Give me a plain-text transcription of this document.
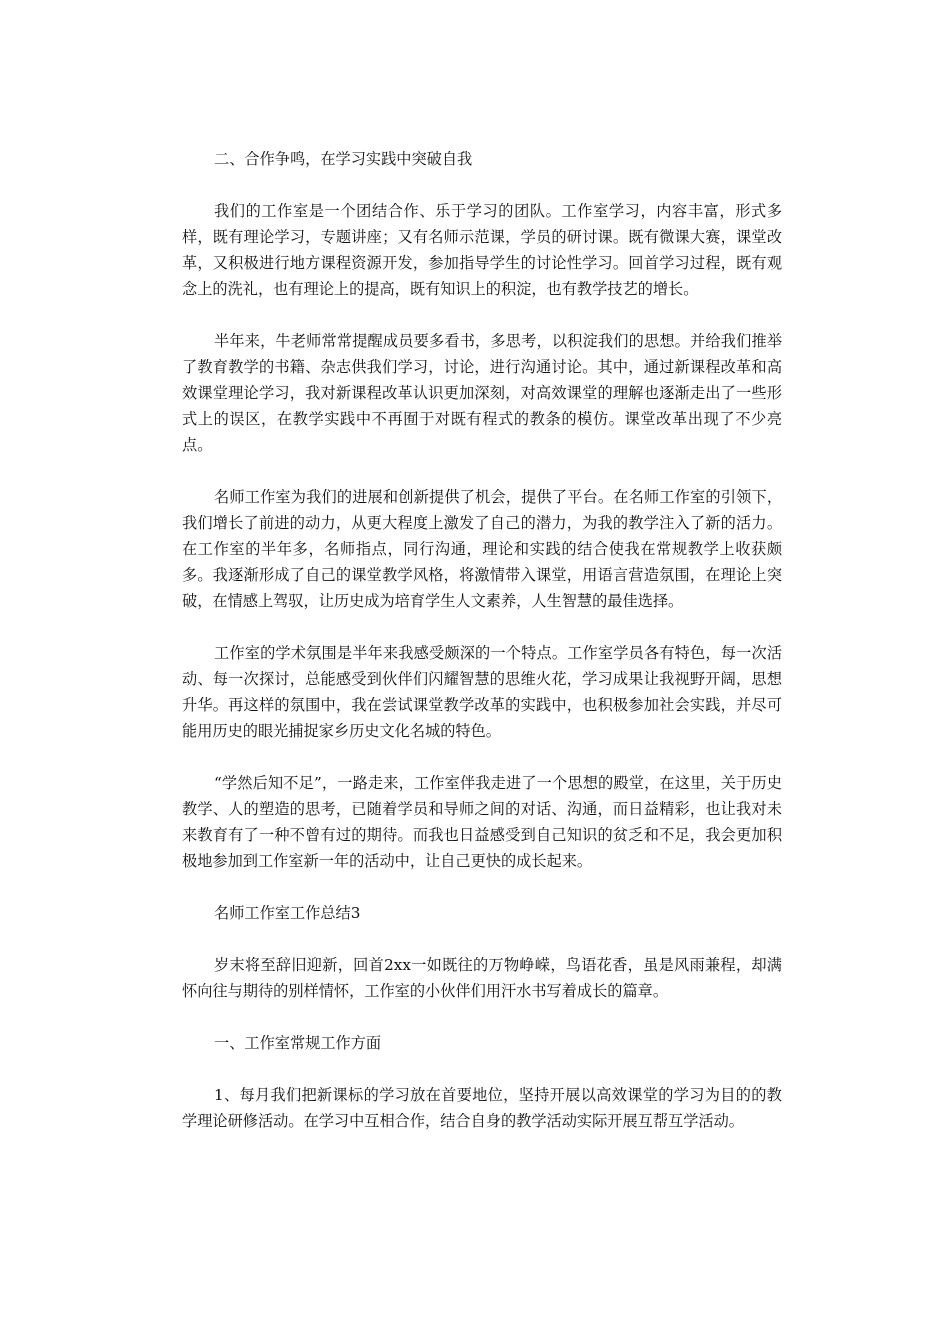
二、合作争鸣，在学习实践中突破自我

我们的工作室是一个团结合作、乐于学习的团队。工作室学习，内容丰富，形式多样，既有理论学习，专题讲座；又有名师示范课，学员的研讨课。既有微课大赛，课堂改革，又积极进行地方课程资源开发，参加指导学生的讨论性学习。回首学习过程，既有观念上的洗礼，也有理论上的提高，既有知识上的积淀，也有教学技艺的增长。

半年来，牛老师常常提醒成员要多看书，多思考，以积淀我们的思想。并给我们推举了教育教学的书籍、杂志供我们学习，讨论，进行沟通讨论。其中，通过新课程改革和高效课堂理论学习，我对新课程改革认识更加深刻，对高效课堂的理解也逐渐走出了一些形式上的误区，在教学实践中不再囿于对既有程式的教条的模仿。课堂改革出现了不少亮点。

名师工作室为我们的进展和创新提供了机会，提供了平台。在名师工作室的引领下，我们增长了前进的动力，从更大程度上激发了自己的潜力，为我的教学注入了新的活力。在工作室的半年多，名师指点，同行沟通，理论和实践的结合使我在常规教学上收获颇多。我逐渐形成了自己的课堂教学风格，将激情带入课堂，用语言营造氛围，在理论上突破，在情感上驾驭，让历史成为培育学生人文素养，人生智慧的最佳选择。

工作室的学术氛围是半年来我感受颇深的一个特点。工作室学员各有特色，每一次活动、每一次探讨，总能感受到伙伴们闪耀智慧的思维火花，学习成果让我视野开阔，思想升华。再这样的氛围中，我在尝试课堂教学改革的实践中，也积极参加社会实践，并尽可能用历史的眼光捕捉家乡历史文化名城的特色。

“学然后知不足”，一路走来，工作室伴我走进了一个思想的殿堂，在这里，关于历史教学、人的塑造的思考，已随着学员和导师之间的对话、沟通，而日益精彩，也让我对未来教育有了一种不曾有过的期待。而我也日益感受到自己知识的贫乏和不足，我会更加积极地参加到工作室新一年的活动中，让自己更快的成长起来。

名师工作室工作总结3

岁末将至辞旧迎新，回首2xx一如既往的万物峥嵘，鸟语花香，虽是风雨兼程，却满怀向往与期待的别样情怀，工作室的小伙伴们用汗水书写着成长的篇章。

一、工作室常规工作方面

1、每月我们把新课标的学习放在首要地位，坚持开展以高效课堂的学习为目的的教学理论研修活动。在学习中互相合作，结合自身的教学活动实际开展互帮互学活动。
